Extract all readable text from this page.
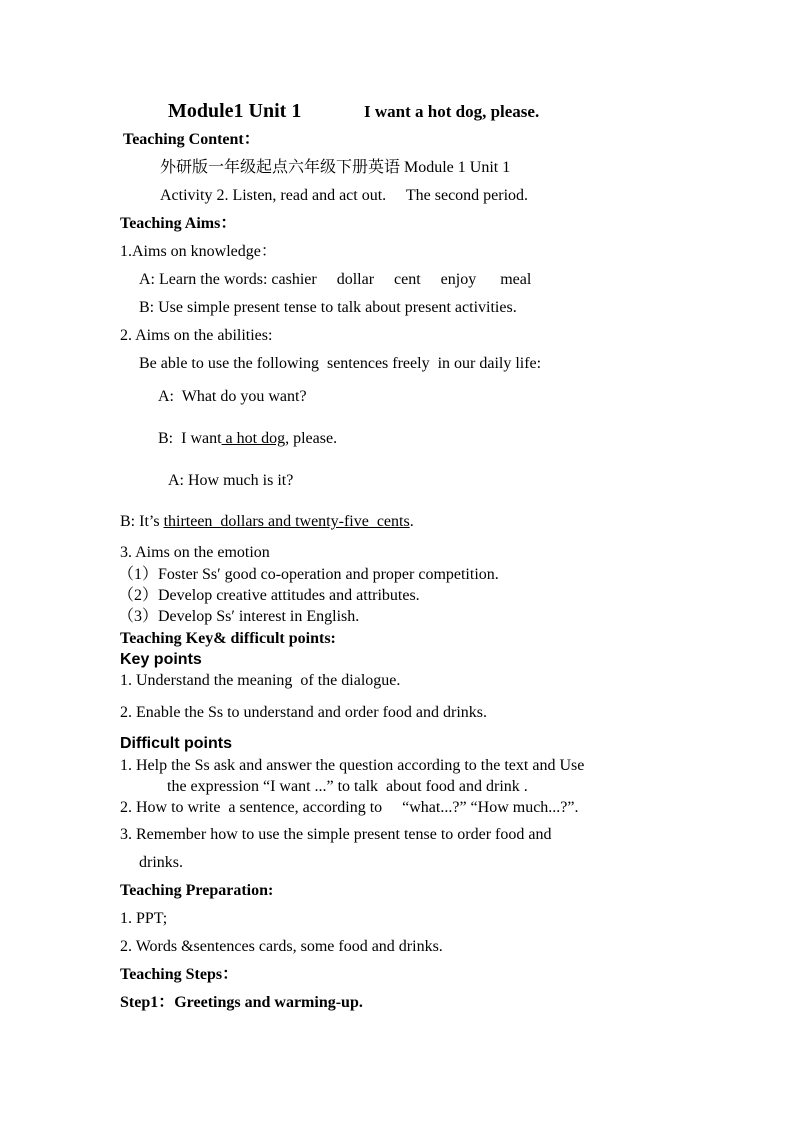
Module1 Unit 1	I want a hot dog, please.
Teaching Content：
外研版一年级起点六年级下册英语 Module 1 Unit 1
Activity 2. Listen, read and act out.     The second period.
Teaching Aims：
1.Aims on knowledge：
A: Learn the words: cashier     dollar     cent     enjoy      meal
B: Use simple present tense to talk about present activities.
2. Aims on the abilities:
Be able to use the following  sentences freely  in our daily life:
A:  What do you want?
B:  I want a hot dog, please.
A: How much is it?
B: It’s thirteen  dollars and twenty-five  cents.
3. Aims on the emotion
（1）Foster Ss′ good co-operation and proper competition.
（2）Develop creative attitudes and attributes.
（3）Develop Ss′ interest in English.
Teaching Key& difficult points:
Key points
1. Understand the meaning  of the dialogue.
2. Enable the Ss to understand and order food and drinks.
Difficult points
1. Help the Ss ask and answer the question according to the text and Use
the expression “I want ...” to talk  about food and drink .
2. How to write  a sentence, according to     “what...?” “How much...?”.
3. Remember how to use the simple present tense to order food and
drinks.
Teaching Preparation:
1. PPT;
2. Words &sentences cards, some food and drinks.
Teaching Steps：
Step1：Greetings and warming-up.
